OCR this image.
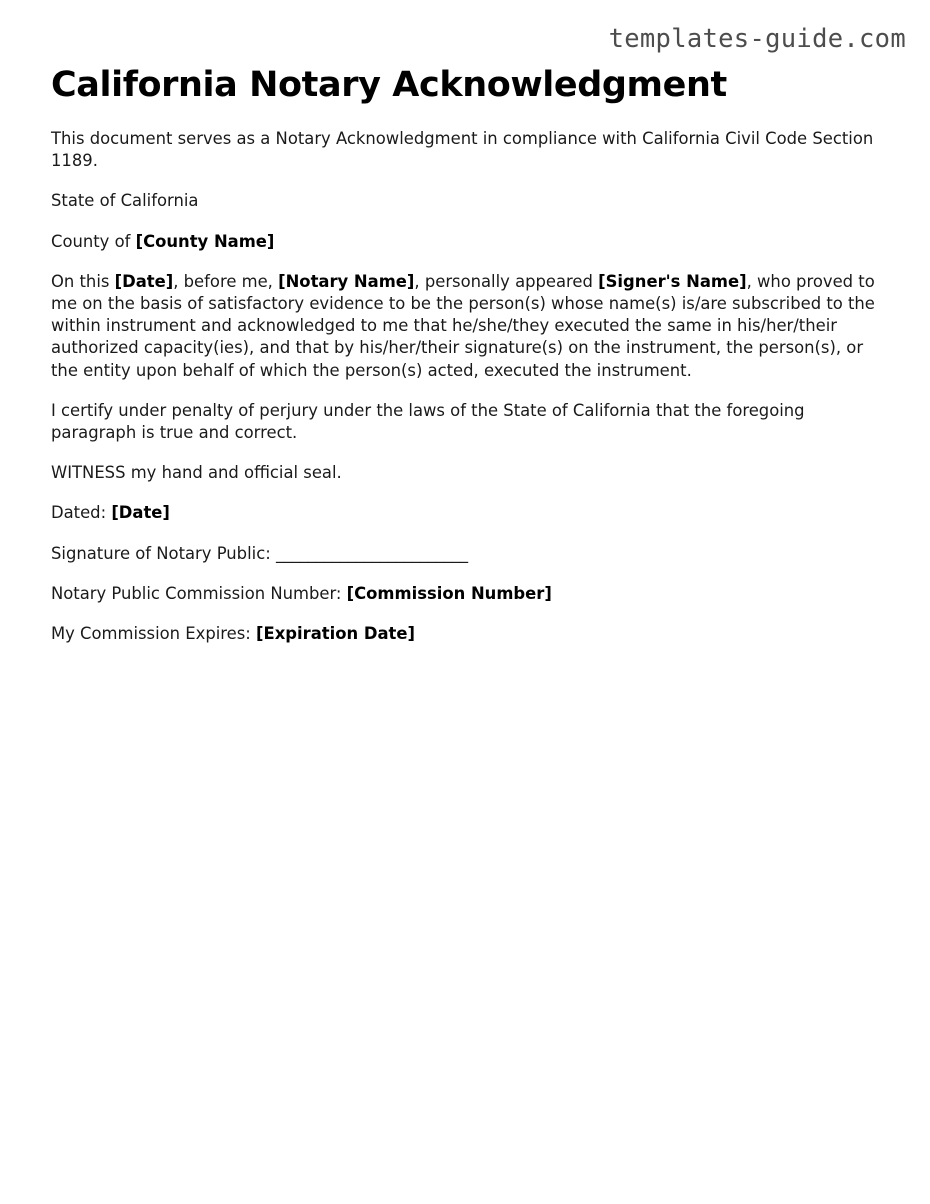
templates-guide.com
California Notary Acknowledgment

This document serves as a Notary Acknowledgment in compliance with California Civil Code Section 1189.

State of California

County of [County Name]

On this [Date], before me, [Notary Name], personally appeared [Signer's Name], who proved to me on the basis of satisfactory evidence to be the person(s) whose name(s) is/are subscribed to the within instrument and acknowledged to me that he/she/they executed the same in his/her/their authorized capacity(ies), and that by his/her/their signature(s) on the instrument, the person(s), or the entity upon behalf of which the person(s) acted, executed the instrument.

I certify under penalty of perjury under the laws of the State of California that the foregoing paragraph is true and correct.

WITNESS my hand and official seal.

Dated: [Date]

Signature of Notary Public: ________________________

Notary Public Commission Number: [Commission Number]

My Commission Expires: [Expiration Date]
